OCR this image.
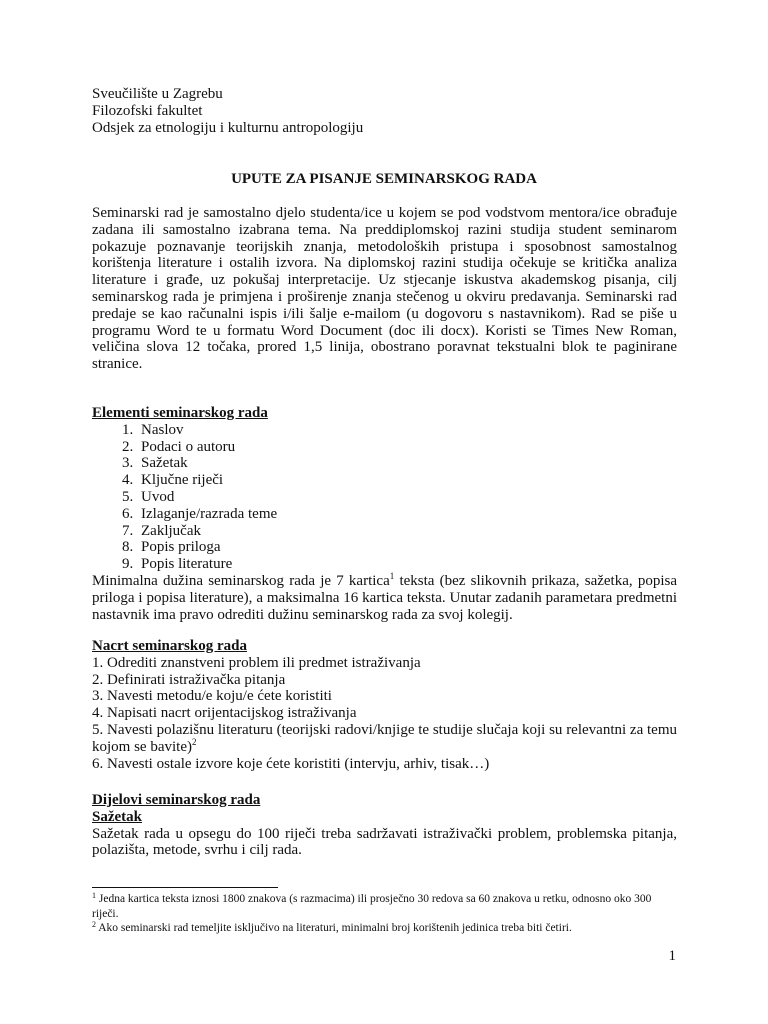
Sveučilište u Zagrebu
Filozofski fakultet
Odsjek za etnologiju i kulturnu antropologiju
UPUTE ZA PISANJE SEMINARSKOG RADA
Seminarski rad je samostalno djelo studenta/ice u kojem se pod vodstvom mentora/ice obrađuje zadana ili samostalno izabrana tema. Na preddiplomskoj razini studija student seminarom pokazuje poznavanje teorijskih znanja, metodoloških pristupa i sposobnost samostalnog korištenja literature i ostalih izvora. Na diplomskoj razini studija očekuje se kritička analiza literature i građe, uz pokušaj interpretacije. Uz stjecanje iskustva akademskog pisanja, cilj seminarskog rada je primjena i proširenje znanja stečenog u okviru predavanja. Seminarski rad predaje se kao računalni ispis i/ili šalje e-mailom (u dogovoru s nastavnikom). Rad se piše u programu Word te u formatu Word Document (doc ili docx). Koristi se Times New Roman, veličina slova 12 točaka, prored 1,5 linija, obostrano poravnat tekstualni blok te paginirane stranice.
Elementi seminarskog rada
1. Naslov
2. Podaci o autoru
3. Sažetak
4. Ključne riječi
5. Uvod
6. Izlaganje/razrada teme
7. Zaključak
8. Popis priloga
9. Popis literature
Minimalna dužina seminarskog rada je 7 kartica$^1$ teksta (bez slikovnih prikaza, sažetka, popisa priloga i popisa literature), a maksimalna 16 kartica teksta. Unutar zadanih parametara predmetni nastavnik ima pravo odrediti dužinu seminarskog rada za svoj kolegij.
Nacrt seminarskog rada
1. Odrediti znanstveni problem ili predmet istraživanja
2. Definirati istraživačka pitanja
3. Navesti metodu/e koju/e ćete koristiti
4. Napisati nacrt orijentacijskog istraživanja
5. Navesti polazišnu literaturu (teorijski radovi/knjige te studije slučaja koji su relevantni za temu kojom se bavite)$^2$
6. Navesti ostale izvore koje ćete koristiti (intervju, arhiv, tisak…)
Dijelovi seminarskog rada
Sažetak
Sažetak rada u opsegu do 100 riječi treba sadržavati istraživački problem, problemska pitanja, polazišta, metode, svrhu i cilj rada.
$^1$ Jedna kartica teksta iznosi 1800 znakova (s razmacima) ili prosječno 30 redova sa 60 znakova u retku, odnosno oko 300 riječi.
$^2$ Ako seminarski rad temeljite isključivo na literaturi, minimalni broj korištenih jedinica treba biti četiri.
1
